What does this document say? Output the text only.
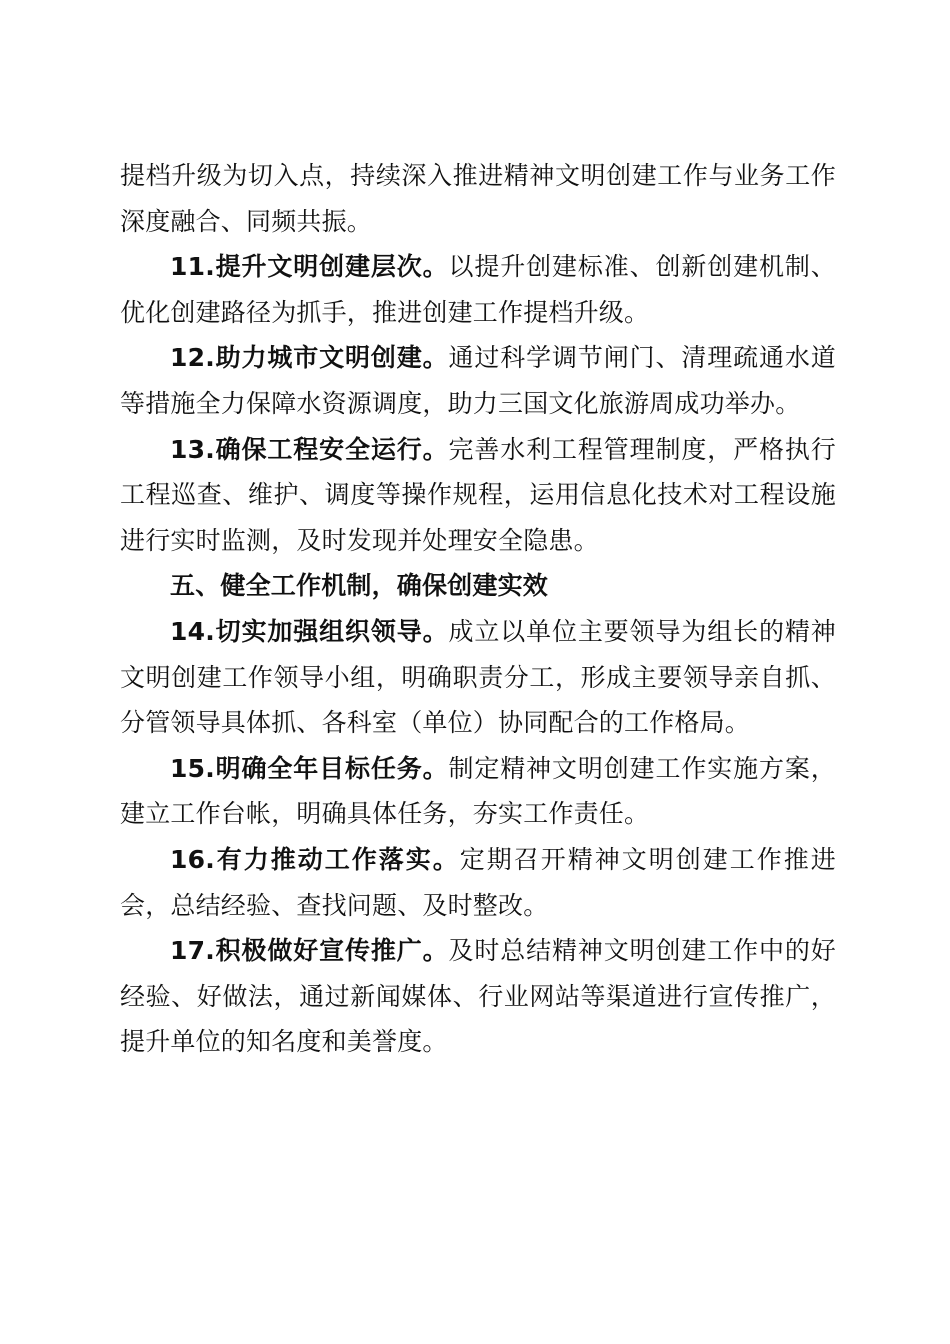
提档升级为切入点，持续深入推进精神文明创建工作与业务工作深度融合、同频共振。

11.提升文明创建层次。以提升创建标准、创新创建机制、优化创建路径为抓手，推进创建工作提档升级。

12.助力城市文明创建。通过科学调节闸门、清理疏通水道等措施全力保障水资源调度，助力三国文化旅游周成功举办。

13.确保工程安全运行。完善水利工程管理制度，严格执行工程巡查、维护、调度等操作规程，运用信息化技术对工程设施进行实时监测，及时发现并处理安全隐患。

五、健全工作机制，确保创建实效

14.切实加强组织领导。成立以单位主要领导为组长的精神文明创建工作领导小组，明确职责分工，形成主要领导亲自抓、分管领导具体抓、各科室（单位）协同配合的工作格局。

15.明确全年目标任务。制定精神文明创建工作实施方案，建立工作台帐，明确具体任务，夯实工作责任。

16.有力推动工作落实。定期召开精神文明创建工作推进会，总结经验、查找问题、及时整改。

17.积极做好宣传推广。及时总结精神文明创建工作中的好经验、好做法，通过新闻媒体、行业网站等渠道进行宣传推广，提升单位的知名度和美誉度。
